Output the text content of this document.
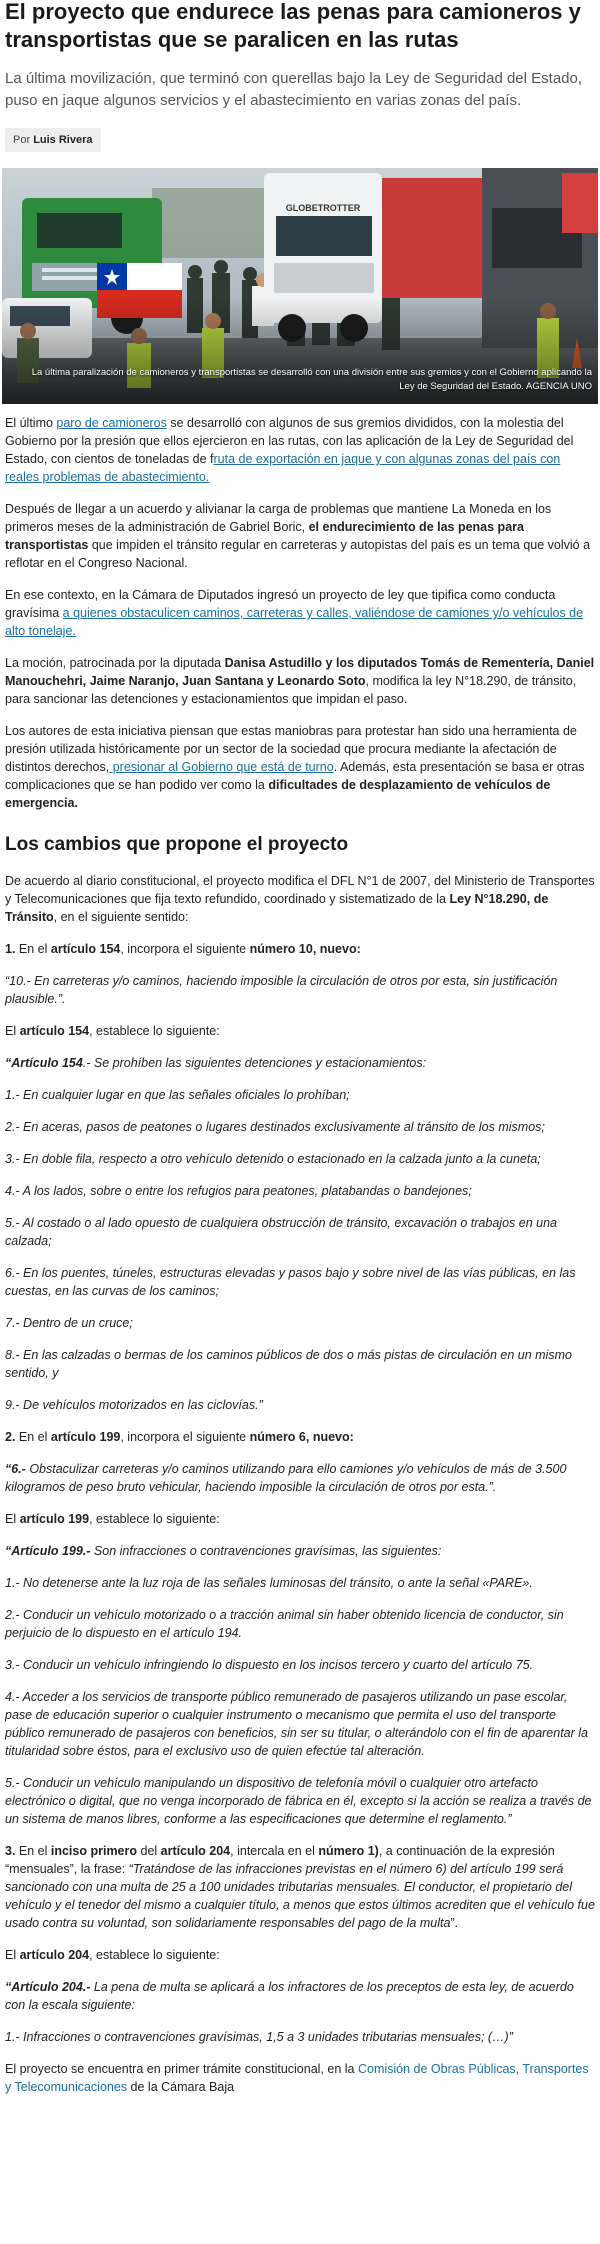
El proyecto que endurece las penas para camioneros y transportistas que se paralicen en las rutas

La última movilización, que terminó con querellas bajo la Ley de Seguridad del Estado, puso en jaque algunos servicios y el abastecimiento en varias zonas del país.

Por Luis Rivera
La última paralización de camioneros y transportistas se desarrolló con una división entre sus gremios y con el Gobierno aplicando la Ley de Seguridad del Estado. AGENCIA UNO

El último paro de camioneros se desarrolló con algunos de sus gremios divididos, con la molestia del Gobierno por la presión que ellos ejercieron en las rutas, con las aplicación de la Ley de Seguridad del Estado, con cientos de toneladas de fruta de exportación en jaque y con algunas zonas del país con reales problemas de abastecimiento.

Después de llegar a un acuerdo y alivianar la carga de problemas que mantiene La Moneda en los primeros meses de la administración de Gabriel Boric, el endurecimiento de las penas para transportistas que impiden el tránsito regular en carreteras y autopistas del país es un tema que volvió a reflotar en el Congreso Nacional.

En ese contexto, en la Cámara de Diputados ingresó un proyecto de ley que tipifica como conducta gravísima a quienes obstaculicen caminos, carreteras y calles, valiéndose de camiones y/o vehículos de alto tonelaje.

La moción, patrocinada por la diputada Danisa Astudillo y los diputados Tomás de Rementería, Daniel Manouchehri, Jaime Naranjo, Juan Santana y Leonardo Soto, modifica la ley N°18.290, de tránsito, para sancionar las detenciones y estacionamientos que impidan el paso.

Los autores de esta iniciativa piensan que estas maniobras para protestar han sido una herramienta de presión utilizada históricamente por un sector de la sociedad que procura mediante la afectación de distintos derechos, presionar al Gobierno que está de turno. Además, esta presentación se basa er otras complicaciones que se han podido ver como la dificultades de desplazamiento de vehículos de emergencia.

Los cambios que propone el proyecto

De acuerdo al diario constitucional, el proyecto modifica el DFL N°1 de 2007, del Ministerio de Transportes y Telecomunicaciones que fija texto refundido, coordinado y sistematizado de la Ley N°18.290, de Tránsito, en el siguiente sentido:

1. En el artículo 154, incorpora el siguiente número 10, nuevo:

“10.- En carreteras y/o caminos, haciendo imposible la circulación de otros por esta, sin justificación plausible.”.

El artículo 154, establece lo siguiente:

“Artículo 154.- Se prohíben las siguientes detenciones y estacionamientos:

1.- En cualquier lugar en que las señales oficiales lo prohíban;

2.- En aceras, pasos de peatones o lugares destinados exclusivamente al tránsito de los mismos;

3.- En doble fila, respecto a otro vehículo detenido o estacionado en la calzada junto a la cuneta;

4.- A los lados, sobre o entre los refugios para peatones, platabandas o bandejones;

5.- Al costado o al lado opuesto de cualquiera obstrucción de tránsito, excavación o trabajos en una calzada;

6.- En los puentes, túneles, estructuras elevadas y pasos bajo y sobre nivel de las vías públicas, en las cuestas, en las curvas de los caminos;

7.- Dentro de un cruce;

8.- En las calzadas o bermas de los caminos públicos de dos o más pistas de circulación en un mismo sentido, y

9.- De vehículos motorizados en las ciclovías.”

2. En el artículo 199, incorpora el siguiente número 6, nuevo:

“6.- Obstaculizar carreteras y/o caminos utilizando para ello camiones y/o vehículos de más de 3.500 kilogramos de peso bruto vehicular, haciendo imposible la circulación de otros por esta.”.

El artículo 199, establece lo siguiente:

“Artículo 199.- Son infracciones o contravenciones gravísimas, las siguientes:

1.- No detenerse ante la luz roja de las señales luminosas del tránsito, o ante la señal «PARE».

2.- Conducir un vehículo motorizado o a tracción animal sin haber obtenido licencia de conductor, sin perjuicio de lo dispuesto en el artículo 194.

3.- Conducir un vehículo infringiendo lo dispuesto en los incisos tercero y cuarto del artículo 75.

4.- Acceder a los servicios de transporte público remunerado de pasajeros utilizando un pase escolar, pase de educación superior o cualquier instrumento o mecanismo que permita el uso del transporte público remunerado de pasajeros con beneficios, sin ser su titular, o alterándolo con el fin de aparentar la titularidad sobre éstos, para el exclusivo uso de quien efectúe tal alteración.

5.- Conducir un vehículo manipulando un dispositivo de telefonía móvil o cualquier otro artefacto electrónico o digital, que no venga incorporado de fábrica en él, excepto si la acción se realiza a través de un sistema de manos libres, conforme a las especificaciones que determine el reglamento.”

3. En el inciso primero del artículo 204, intercala en el número 1), a continuación de la expresión “mensuales”, la frase: “Tratándose de las infracciones previstas en el número 6) del artículo 199 será sancionado con una multa de 25 a 100 unidades tributarias mensuales. El conductor, el propietario del vehículo y el tenedor del mismo a cualquier título, a menos que estos últimos acrediten que el vehículo fue usado contra su voluntad, son solidariamente responsables del pago de la multa”.

El artículo 204, establece lo siguiente:

“Artículo 204.- La pena de multa se aplicará a los infractores de los preceptos de esta ley, de acuerdo con la escala siguiente:

1.- Infracciones o contravenciones gravísimas, 1,5 a 3 unidades tributarias mensuales; (…)”

El proyecto se encuentra en primer trámite constitucional, en la Comisión de Obras Públicas, Transportes y Telecomunicaciones de la Cámara Baja
